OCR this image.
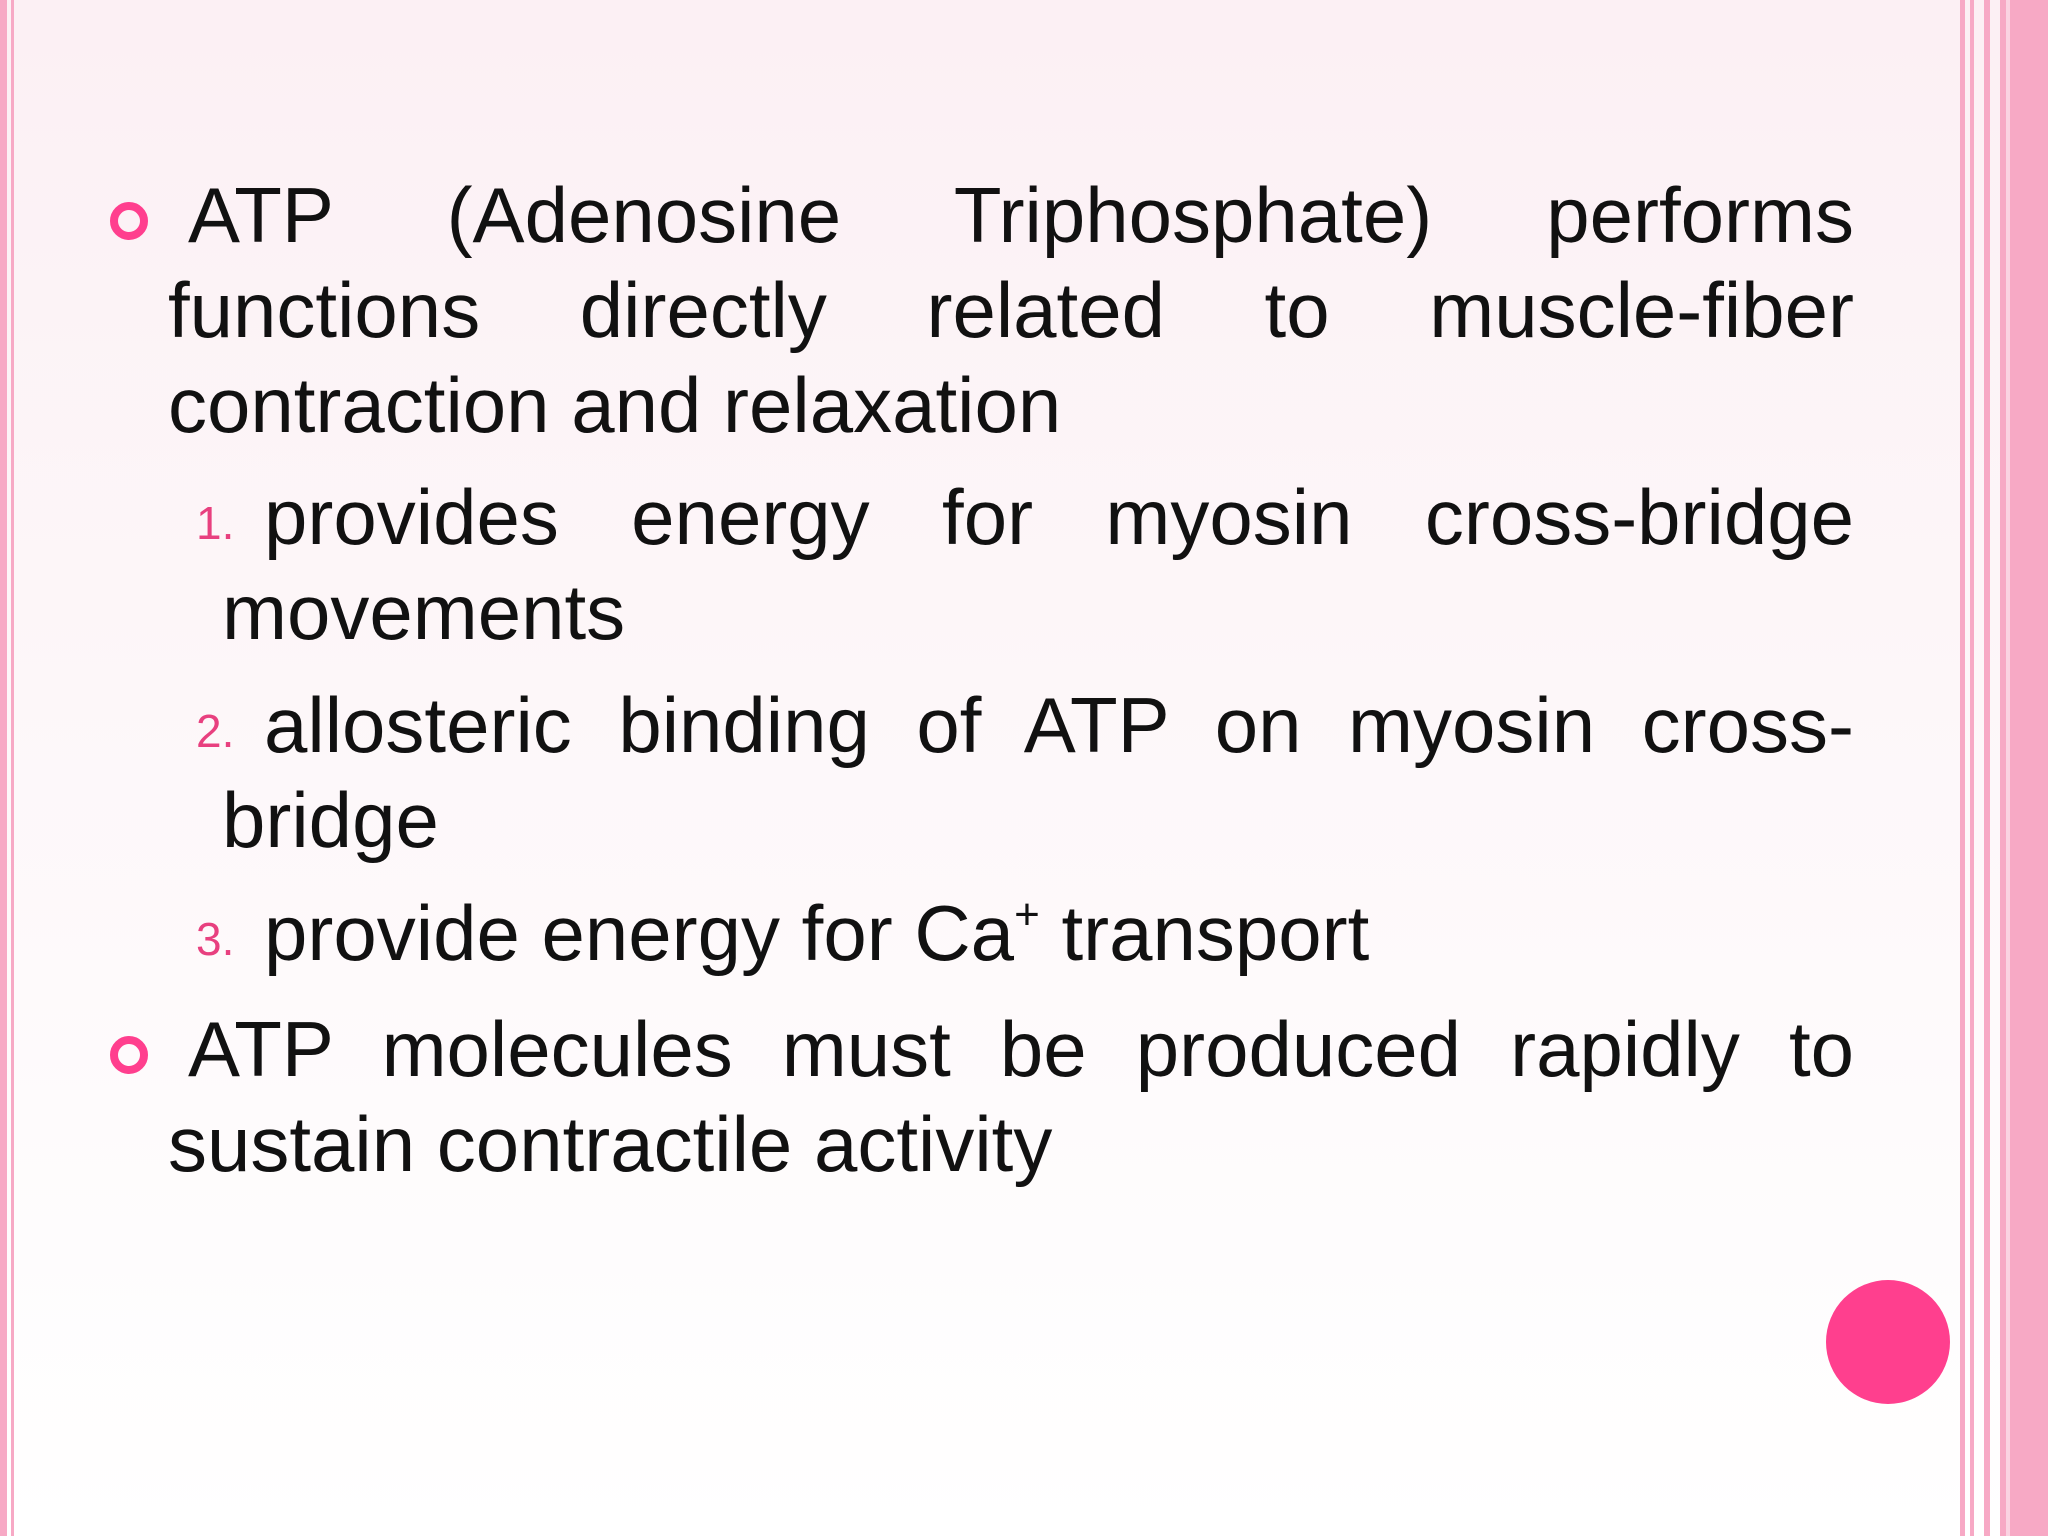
ATP (Adenosine Triphosphate) performs functions directly related to muscle-fiber contraction and relaxation
1. provides energy for myosin cross-bridge movements
2. allosteric binding of ATP on myosin cross-bridge
3. provide energy for Ca+ transport
ATP molecules must be produced rapidly to sustain contractile activity
